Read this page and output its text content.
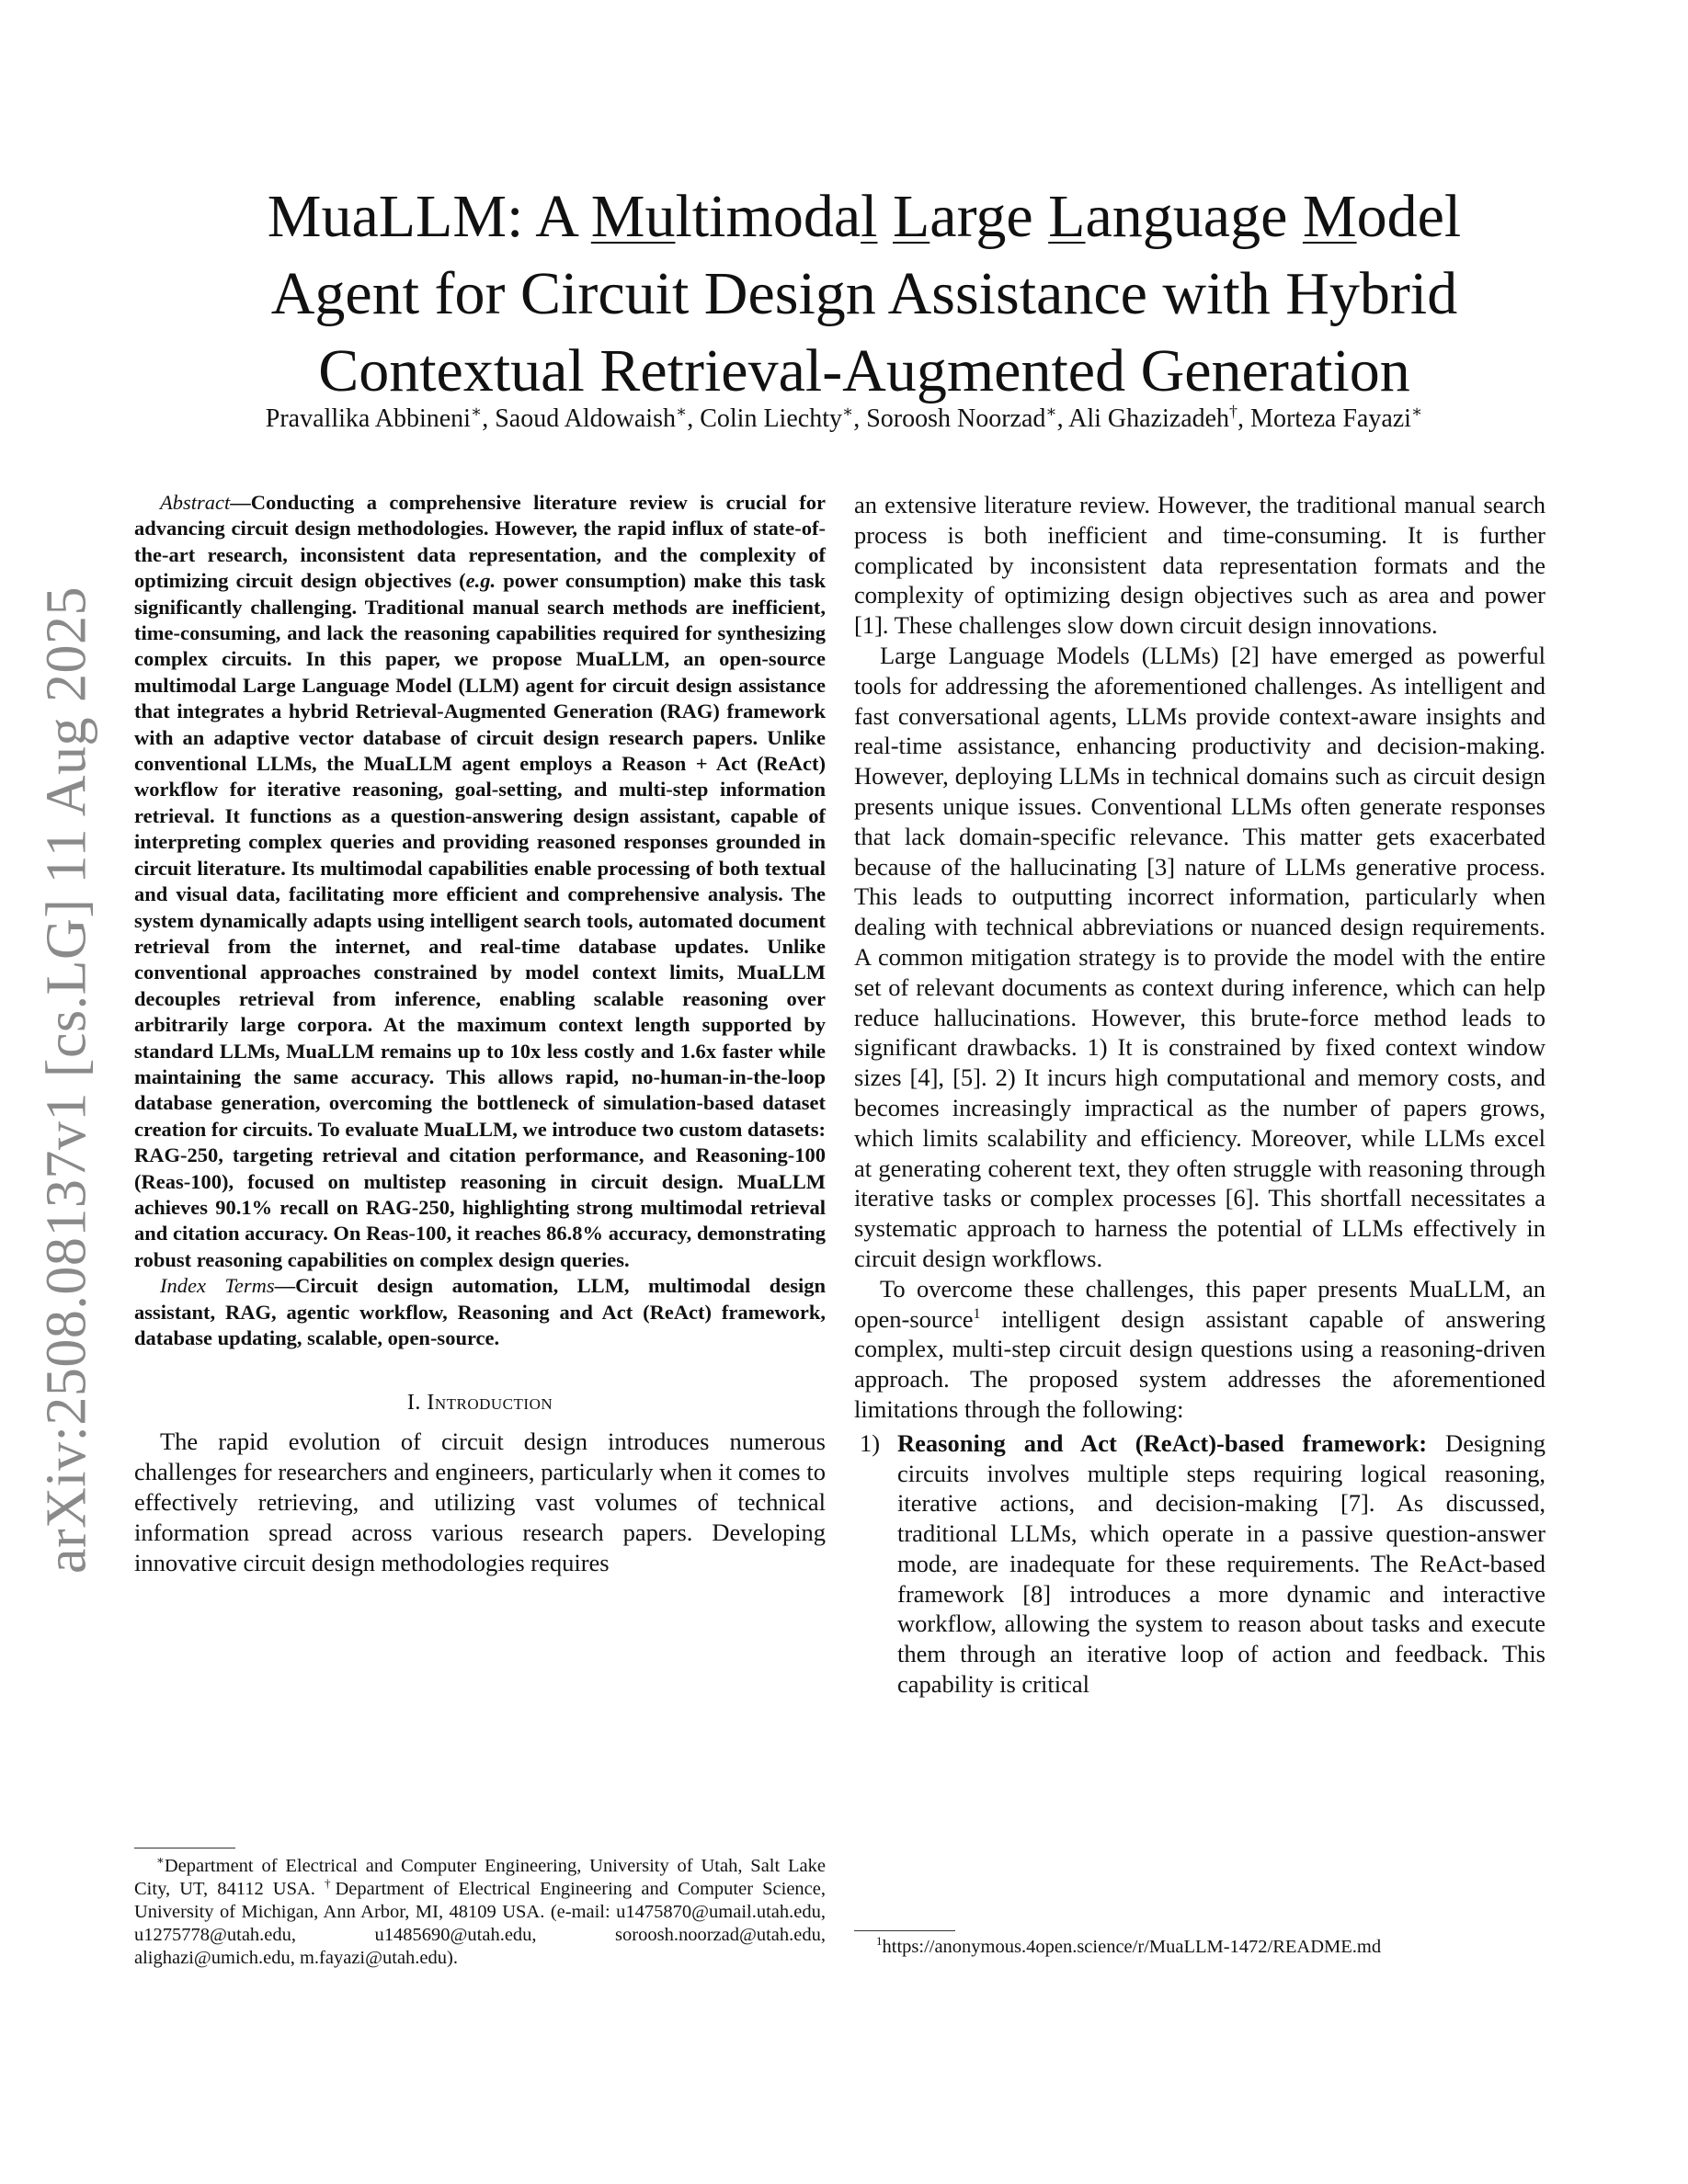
arXiv:2508.08137v1 [cs.LG] 11 Aug 2025
MuaLLM: A Multimodal Large Language Model
Agent for Circuit Design Assistance with Hybrid
Contextual Retrieval-Augmented Generation
Pravallika Abbineni∗, Saoud Aldowaish∗, Colin Liechty∗, Soroosh Noorzad∗, Ali Ghazizadeh†, Morteza Fayazi∗

Abstract—Conducting a comprehensive literature review is crucial for advancing circuit design methodologies. However, the rapid influx of state-of-the-art research, inconsistent data representation, and the complexity of optimizing circuit design objectives (e.g. power consumption) make this task significantly challenging. Traditional manual search methods are inefficient, time-consuming, and lack the reasoning capabilities required for synthesizing complex circuits. In this paper, we propose MuaLLM, an open-source multimodal Large Language Model (LLM) agent for circuit design assistance that integrates a hybrid Retrieval-Augmented Generation (RAG) framework with an adaptive vector database of circuit design research papers. Unlike conventional LLMs, the MuaLLM agent employs a Reason + Act (ReAct) workflow for iterative reasoning, goal-setting, and multi-step information retrieval. It functions as a question-answering design assistant, capable of interpreting complex queries and providing reasoned responses grounded in circuit literature. Its multimodal capabilities enable processing of both textual and visual data, facilitating more efficient and comprehensive analysis. The system dynamically adapts using intelligent search tools, automated document retrieval from the internet, and real-time database updates. Unlike conventional approaches constrained by model context limits, MuaLLM decouples retrieval from inference, enabling scalable reasoning over arbitrarily large corpora. At the maximum context length supported by standard LLMs, MuaLLM remains up to 10x less costly and 1.6x faster while maintaining the same accuracy. This allows rapid, no-human-in-the-loop database generation, overcoming the bottleneck of simulation-based dataset creation for circuits. To evaluate MuaLLM, we introduce two custom datasets: RAG-250, targeting retrieval and citation performance, and Reasoning-100 (Reas-100), focused on multistep reasoning in circuit design. MuaLLM achieves 90.1% recall on RAG-250, highlighting strong multimodal retrieval and citation accuracy. On Reas-100, it reaches 86.8% accuracy, demonstrating robust reasoning capabilities on complex design queries.

Index Terms—Circuit design automation, LLM, multimodal design assistant, RAG, agentic workflow, Reasoning and Act (ReAct) framework, database updating, scalable, open-source.

I. Introduction

The rapid evolution of circuit design introduces numerous challenges for researchers and engineers, particularly when it comes to effectively retrieving, and utilizing vast volumes of technical information spread across various research papers. Developing innovative circuit design methodologies requires

∗Department of Electrical and Computer Engineering, University of Utah, Salt Lake City, UT, 84112 USA. †Department of Electrical Engineering and Computer Science, University of Michigan, Ann Arbor, MI, 48109 USA. (e-mail: u1475870@umail.utah.edu, u1275778@utah.edu, u1485690@utah.edu, soroosh.noorzad@utah.edu, alighazi@umich.edu, m.fayazi@utah.edu).

an extensive literature review. However, the traditional manual search process is both inefficient and time-consuming. It is further complicated by inconsistent data representation formats and the complexity of optimizing design objectives such as area and power [1]. These challenges slow down circuit design innovations.

Large Language Models (LLMs) [2] have emerged as powerful tools for addressing the aforementioned challenges. As intelligent and fast conversational agents, LLMs provide context-aware insights and real-time assistance, enhancing productivity and decision-making. However, deploying LLMs in technical domains such as circuit design presents unique issues. Conventional LLMs often generate responses that lack domain-specific relevance. This matter gets exacerbated because of the hallucinating [3] nature of LLMs generative process. This leads to outputting incorrect information, particularly when dealing with technical abbreviations or nuanced design requirements. A common mitigation strategy is to provide the model with the entire set of relevant documents as context during inference, which can help reduce hallucinations. However, this brute-force method leads to significant drawbacks. 1) It is constrained by fixed context window sizes [4], [5]. 2) It incurs high computational and memory costs, and becomes increasingly impractical as the number of papers grows, which limits scalability and efficiency. Moreover, while LLMs excel at generating coherent text, they often struggle with reasoning through iterative tasks or complex processes [6]. This shortfall necessitates a systematic approach to harness the potential of LLMs effectively in circuit design workflows.

To overcome these challenges, this paper presents MuaLLM, an open-source$^1$ intelligent design assistant capable of answering complex, multi-step circuit design questions using a reasoning-driven approach. The proposed system addresses the aforementioned limitations through the following:

1) Reasoning and Act (ReAct)-based framework: Designing circuits involves multiple steps requiring logical reasoning, iterative actions, and decision-making [7]. As discussed, traditional LLMs, which operate in a passive question-answer mode, are inadequate for these requirements. The ReAct-based framework [8] introduces a more dynamic and interactive workflow, allowing the system to reason about tasks and execute them through an iterative loop of action and feedback. This capability is critical
$^1$https://anonymous.4open.science/r/MuaLLM-1472/README.md
